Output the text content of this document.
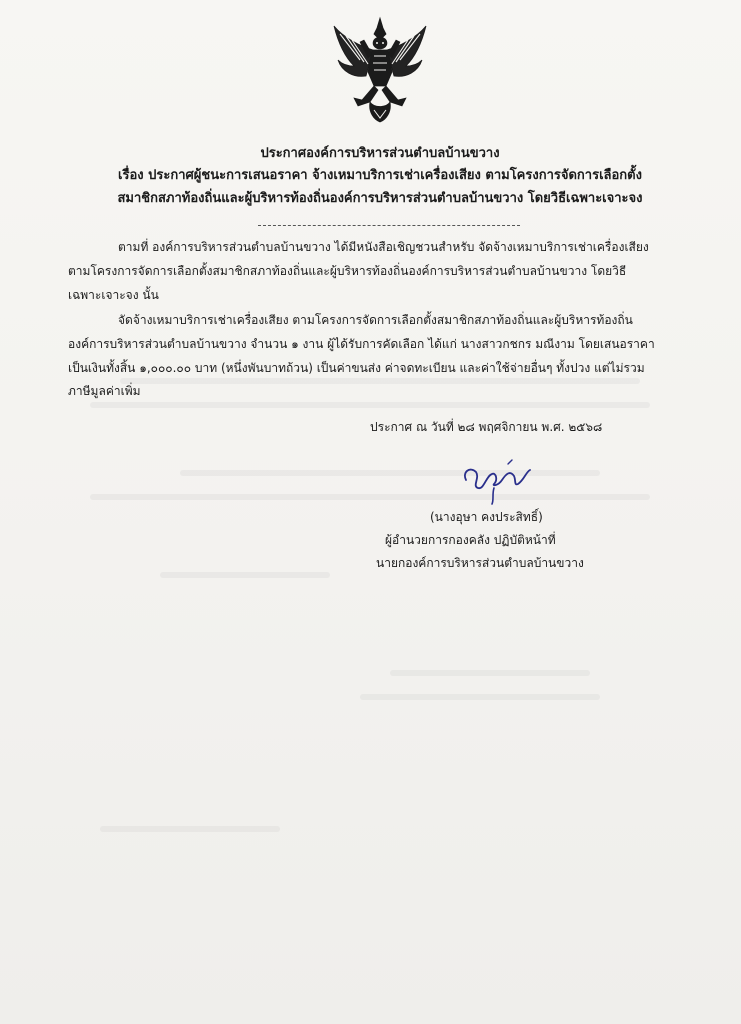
ประกาศองค์การบริหารส่วนตำบลบ้านขวาง
เรื่อง ประกาศผู้ชนะการเสนอราคา จ้างเหมาบริการเช่าเครื่องเสียง ตามโครงการจัดการเลือกตั้ง
สมาชิกสภาท้องถิ่นและผู้บริหารท้องถิ่นองค์การบริหารส่วนตำบลบ้านขวาง โดยวิธีเฉพาะเจาะจง
ตามที่ องค์การบริหารส่วนตำบลบ้านขวาง ได้มีหนังสือเชิญชวนสำหรับ จัดจ้างเหมาบริการเช่าเครื่องเสียง
ตามโครงการจัดการเลือกตั้งสมาชิกสภาท้องถิ่นและผู้บริหารท้องถิ่นองค์การบริหารส่วนตำบลบ้านขวาง โดยวิธี
เฉพาะเจาะจง นั้น
จัดจ้างเหมาบริการเช่าเครื่องเสียง ตามโครงการจัดการเลือกตั้งสมาชิกสภาท้องถิ่นและผู้บริหารท้องถิ่น
องค์การบริหารส่วนตำบลบ้านขวาง จำนวน ๑ งาน ผู้ได้รับการคัดเลือก ได้แก่ นางสาวกชกร มณีงาม โดยเสนอราคา
เป็นเงินทั้งสิ้น ๑,๐๐๐.๐๐ บาท (หนึ่งพันบาทถ้วน) เป็นค่าขนส่ง ค่าจดทะเบียน และค่าใช้จ่ายอื่นๆ ทั้งปวง แต่ไม่รวม
ภาษีมูลค่าเพิ่ม
ประกาศ ณ วันที่ ๒๘ พฤศจิกายน พ.ศ. ๒๕๖๘
(นางอุษา คงประสิทธิ์)
ผู้อำนวยการกองคลัง ปฏิบัติหน้าที่
นายกองค์การบริหารส่วนตำบลบ้านขวาง
